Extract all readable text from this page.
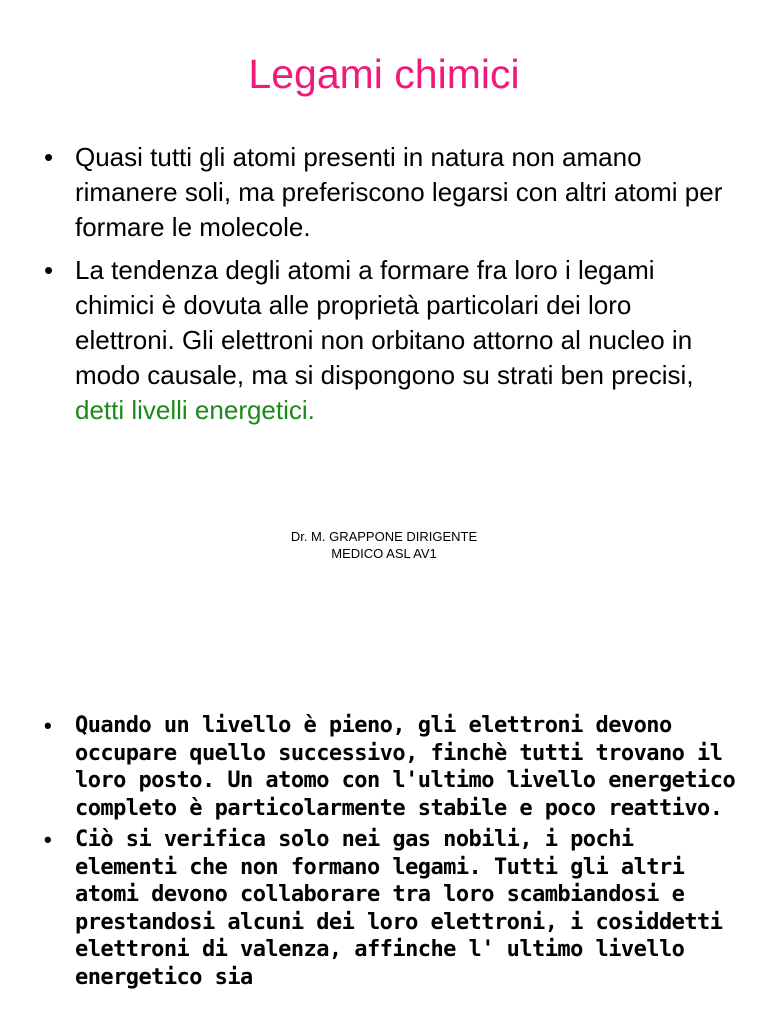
Legami chimici
• Quasi tutti gli atomi presenti in natura non amano rimanere soli, ma preferiscono legarsi con altri atomi per formare le molecole.
• La tendenza degli atomi a formare fra loro i legami chimici è dovuta alle proprietà particolari dei loro elettroni. Gli elettroni non orbitano attorno al nucleo in modo causale, ma si dispongono su strati ben precisi, detti livelli energetici.
Dr. M. GRAPPONE DIRIGENTE
MEDICO ASL AV1
• Quando un livello è pieno, gli elettroni devono occupare quello successivo, finchè tutti trovano il loro posto. Un atomo con l'ultimo livello energetico completo è particolarmente stabile e poco reattivo.
• Ciò si verifica solo nei gas nobili, i pochi elementi che non formano legami. Tutti gli altri atomi devono collaborare tra loro scambiandosi e prestandosi alcuni dei loro elettroni, i cosiddetti elettroni di valenza, affinche l' ultimo livello energetico sia
